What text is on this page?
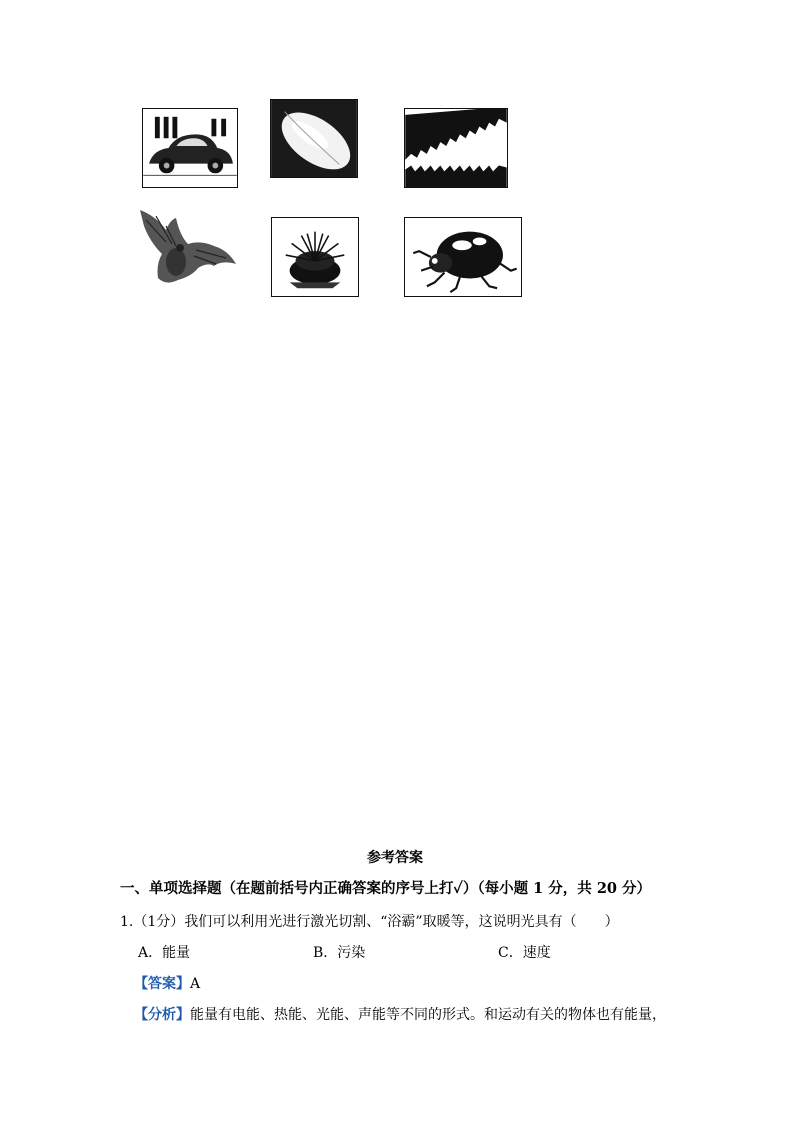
参考答案
一、单项选择题（在题前括号内正确答案的序号上打✓）（每小题 1 分，共 20 分）
1.（1分）我们可以利用光进行激光切割、“浴霸”取暖等，这说明光具有（　　）
A．能量	B．污染	C．速度
【答案】A
【分析】能量有电能、热能、光能、声能等不同的形式。和运动有关的物体也有能量，
